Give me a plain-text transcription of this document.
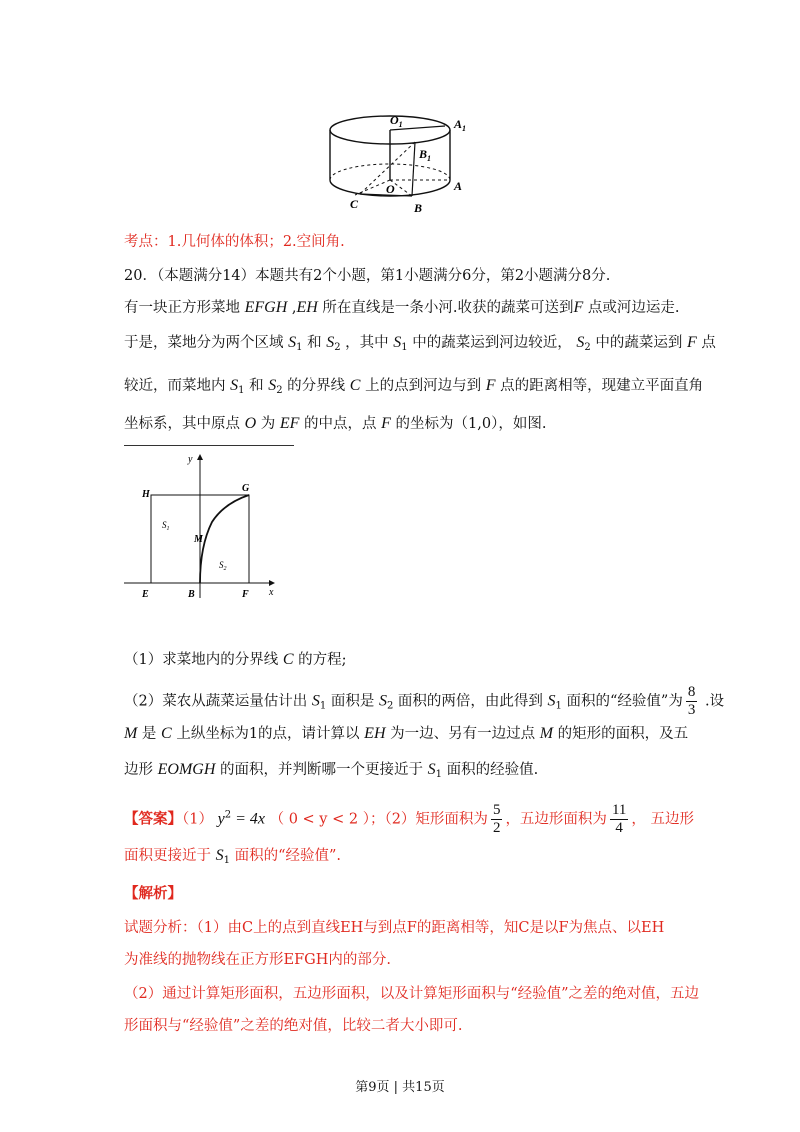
$O_1$	$A_1$
$B_1$
O	A
C	B
考点：1.几何体的体积；2.空间角.
20．（本题满分14）本题共有2个小题，第1小题满分6分，第2小题满分8分.
有一块正方形菜地 EFGH ,EH 所在直线是一条小河.收获的蔬菜可送到F 点或河边运走.
于是，菜地分为两个区域 $S_1$ 和 $S_2$ ，其中 $S_1$ 中的蔬菜运到河边较近， $S_2$ 中的蔬菜运到 F 点
较近，而菜地内 $S_1$ 和 $S_2$ 的分界线 C 上的点到河边与到 F 点的距离相等，现建立平面直角
坐标系，其中原点 O 为 EF 的中点，点 F 的坐标为（1,0），如图.
y
x
H
G
$S_1$
M
$S_2$
E	B	F
（1）求菜地内的分界线 C 的方程;
（2）菜农从蔬菜运量估计出 $S_1$ 面积是 $S_2$ 面积的两倍，由此得到 $S_1$ 面积的“经验值”为 $\frac{8}{3}$ .设
M 是 C 上纵坐标为1的点，请计算以 EH 为一边、另有一边过点 M 的矩形的面积，及五
边形 EOMGH 的面积，并判断哪一个更接近于 $S_1$ 面积的经验值.
【答案】（1） $y^2 = 4x$ （ 0 < y < 2 ）；（2）矩形面积为 $\frac{5}{2}$ ，五边形面积为 $\frac{11}{4}$ ， 五边形
面积更接近于 $S_1$ 面积的“经验值”.
【解析】
试题分析：（1）由C上的点到直线EH与到点F的距离相等，知C是以F为焦点、以EH
为准线的抛物线在正方形EFGH内的部分.
（2）通过计算矩形面积，五边形面积，以及计算矩形面积与“经验值”之差的绝对值，五边
形面积与“经验值”之差的绝对值，比较二者大小即可.
第9页 | 共15页
